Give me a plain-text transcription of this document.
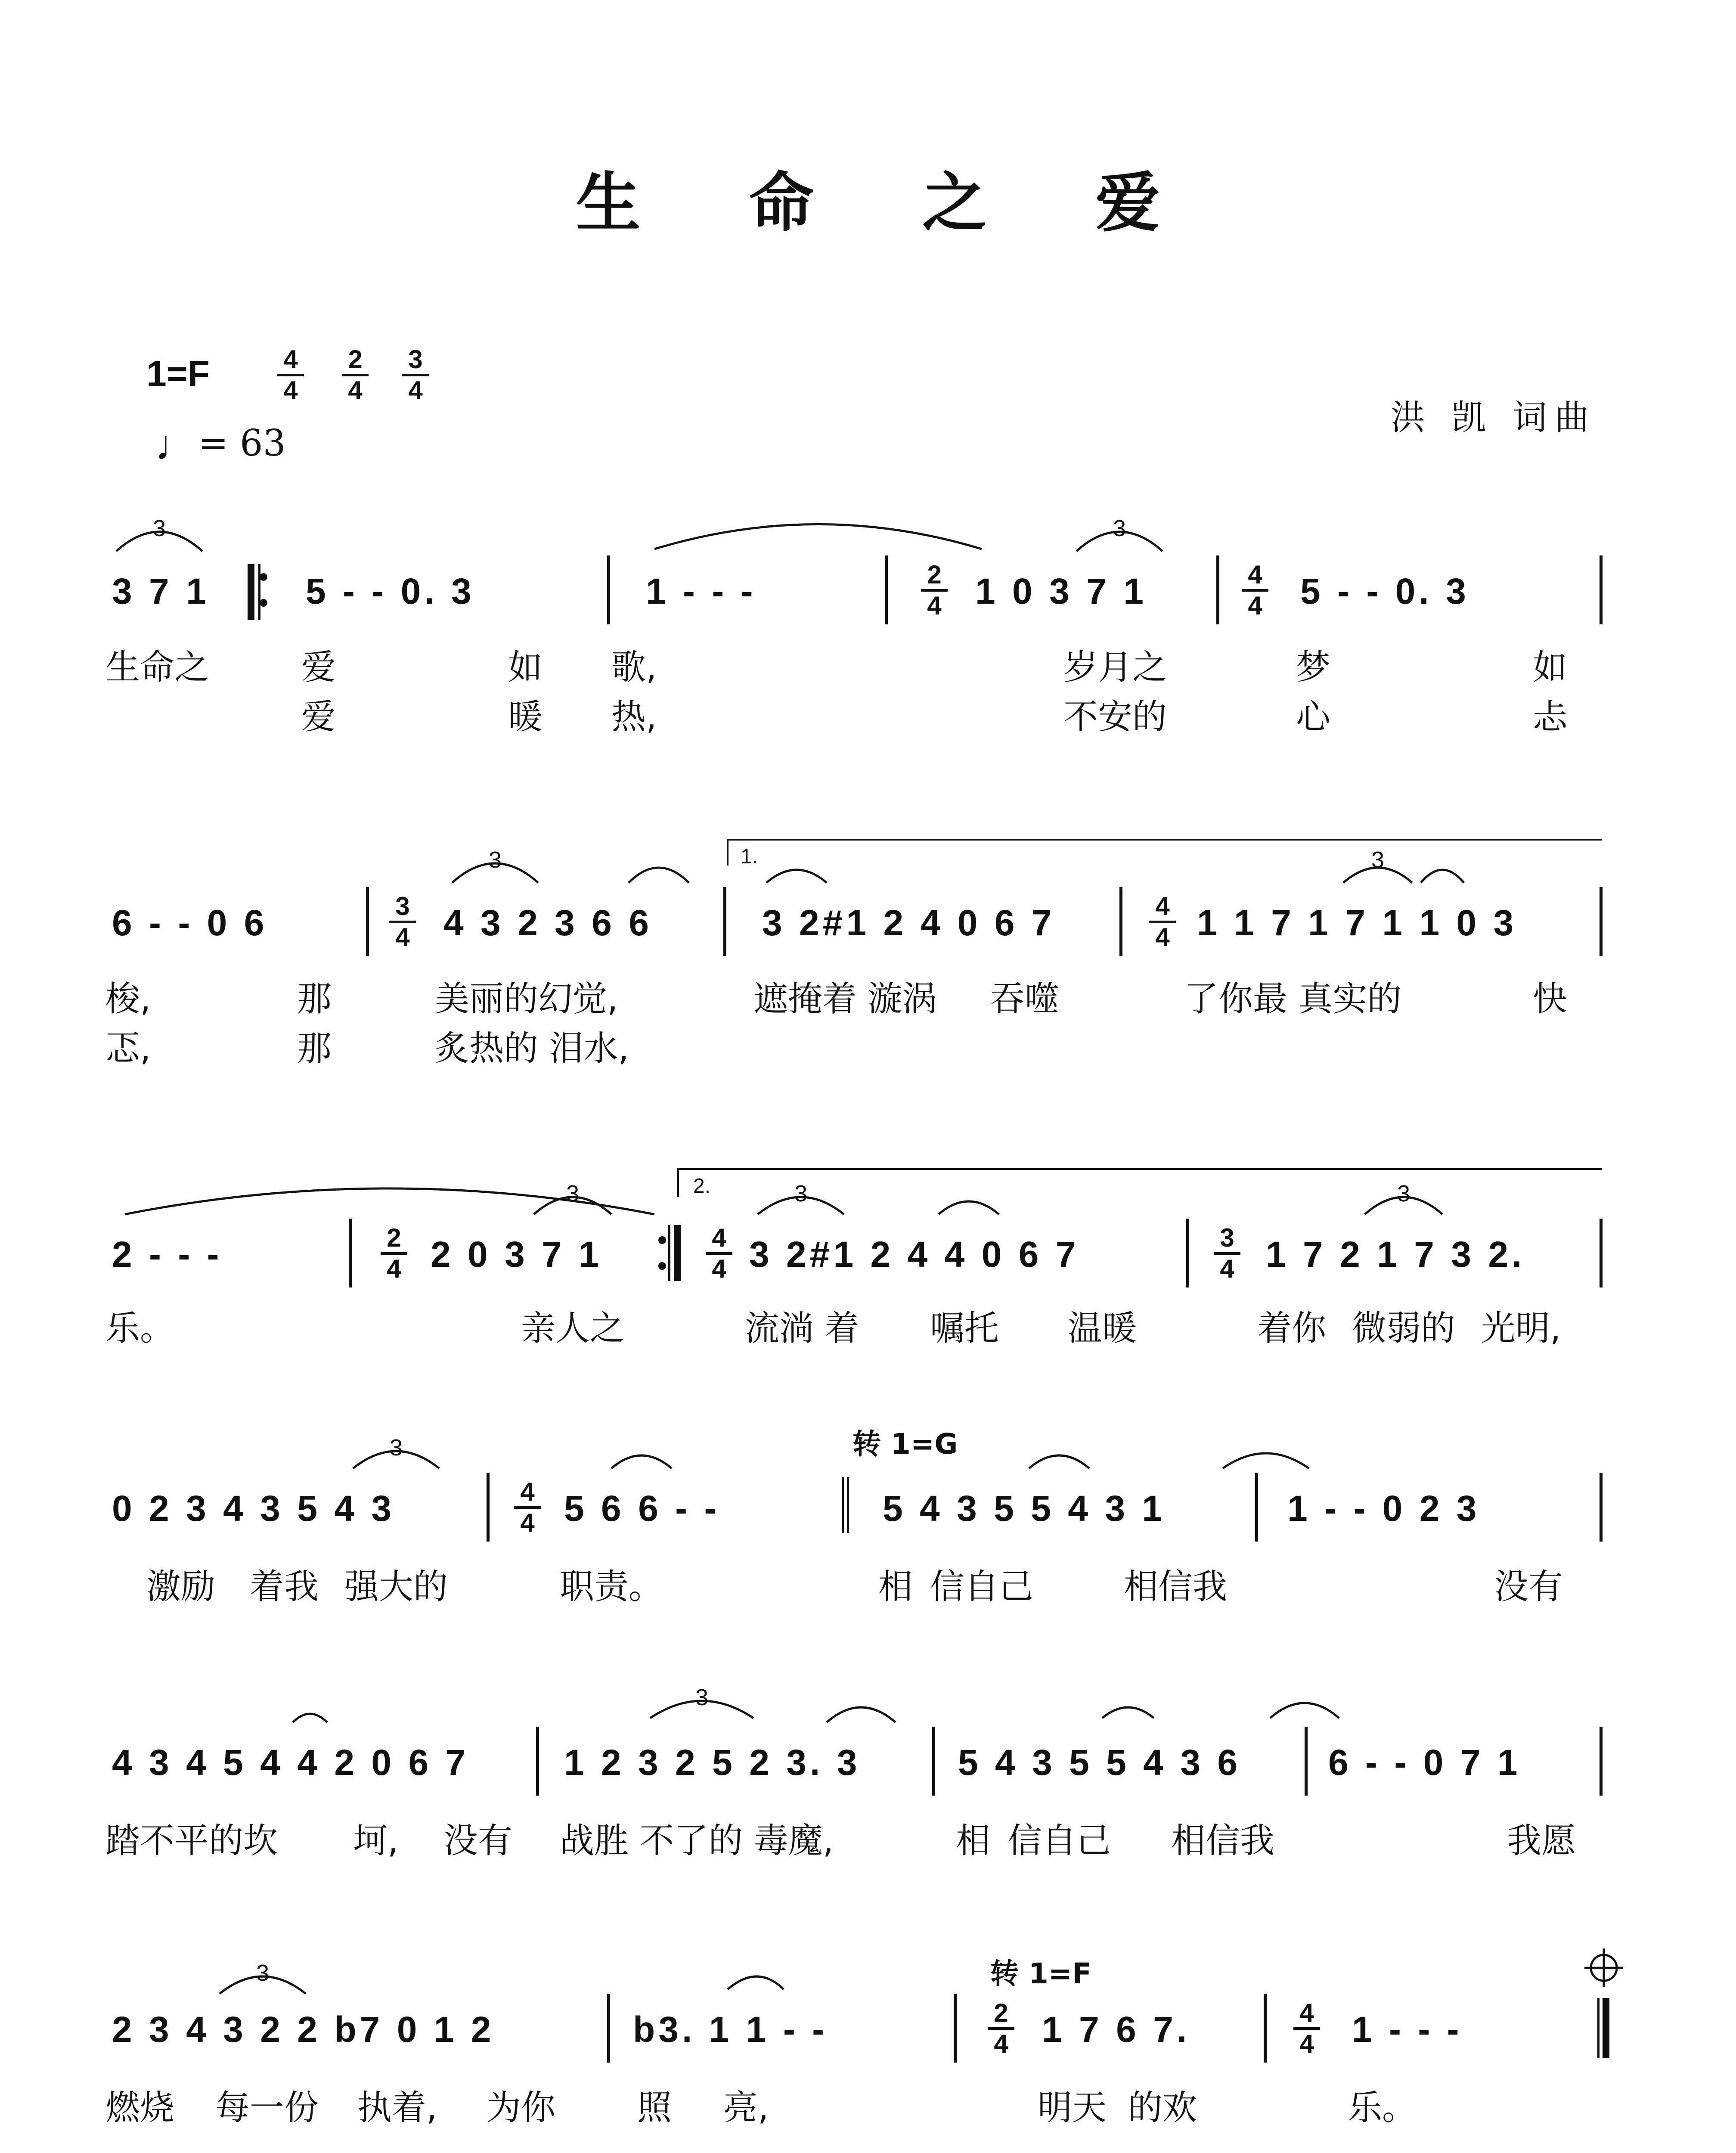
3	3
3	3
3	3	3
3
3
3
1.
2.
生 命 之 爱
1=F	4
4
2
4
3
4
♩ = 63
洪 凯 词曲
3 7 1	5 - - 0. 3	1 - - -	2
4 1 0 3 7 1	4
4 5 - - 0. 3
生命之	爱	如 歌,	岁月之	梦	如
爱	暖 热,	不安的	心	忐
6 - - 0 6	3
4 4 3 2 3 6 6	3 2#1 2 4 0 6 7	4
4 1 1 7 1 7 1 1 0 3
梭,	那	美丽的幻觉,	遮掩着 漩涡 吞噬	了你最 真实的	快
忑,	那	炙热的 泪水,
2 - - -	2
4 2 0 3 7 1	4
4 3 2#1 2 4 4 0 6 7	3
4 1 7 2 1 7 3 2.
乐。	亲人之	流淌 着 嘱托 温暖	着你 微弱的 光明,
转 1=G
0 2 3 4 3 5 4 3	4
4 5 6 6 - -	5 4 3 5 5 4 3 1	1 - - 0 2 3
激励 着我 强大的	职责。	相 信自己	相信我	没有
4 3 4 5 4 4 2 0 6 7	1 2 3 2 5 2 3. 3	5 4 3 5 5 4 3 6 6 - - 0 7 1
踏不平的坎 坷, 没有 战胜 不了的 毒魔,	相 信自己 相信我	我愿
转 1=F
2 3 4 3 2 2 b7 0 1 2	b3. 1 1 - -	2
4 1 7 6 7.	4
4 1 - - -
燃烧 每一份 执着, 为你 照 亮,	明天 的欢	乐。
